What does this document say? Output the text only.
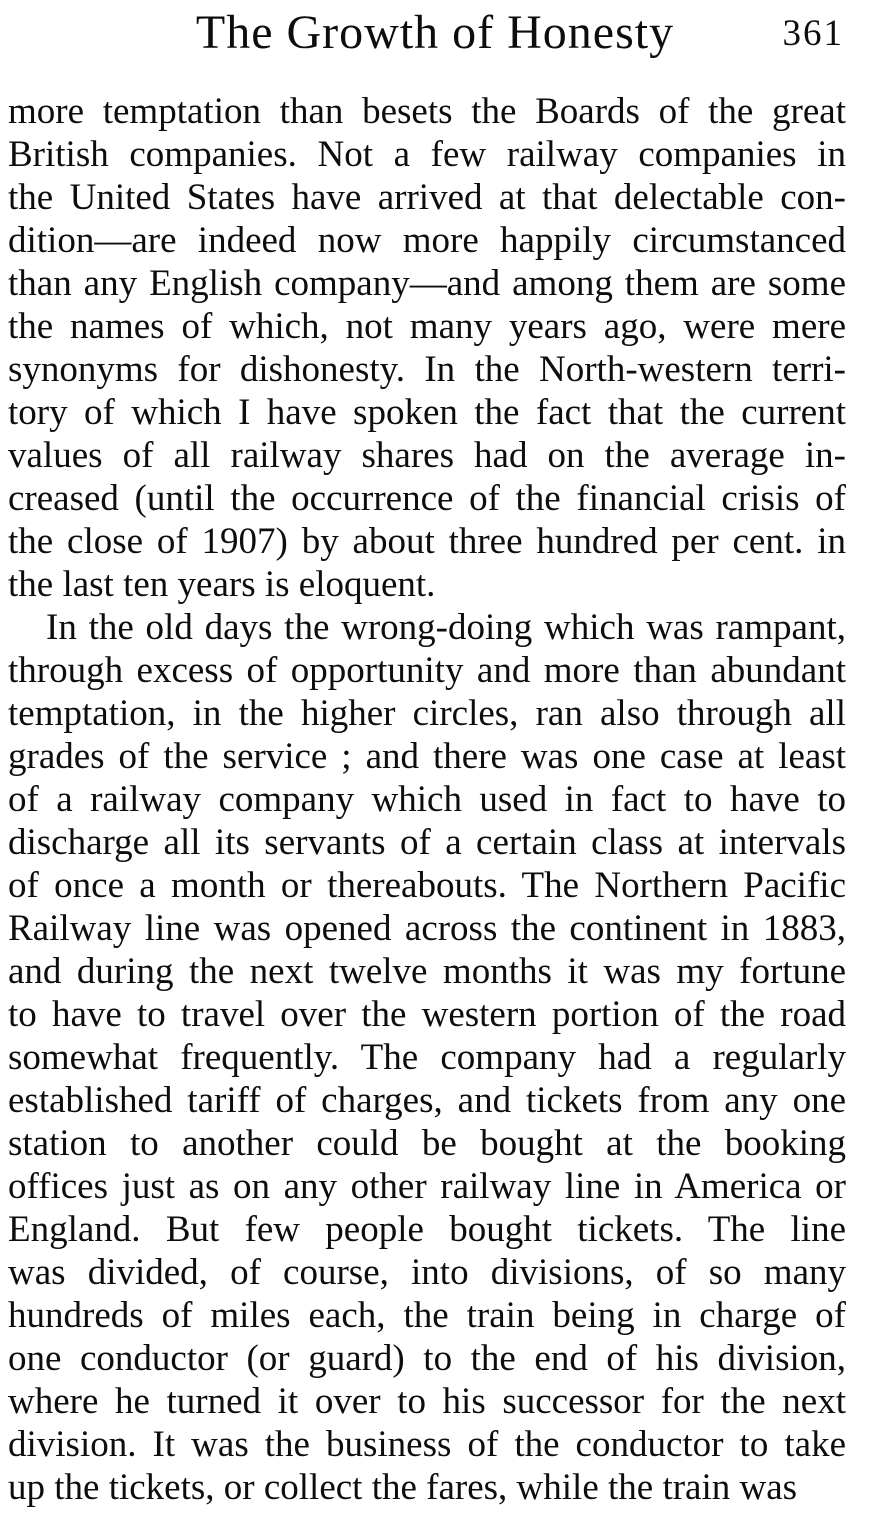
The Growth of Honesty	361
more temptation than besets the Boards of the great
British companies. Not a few railway companies in
the United States have arrived at that delectable con-
dition—are indeed now more happily circumstanced
than any English company—and among them are some
the names of which, not many years ago, were mere
synonyms for dishonesty. In the North-western terri-
tory of which I have spoken the fact that the current
values of all railway shares had on the average in-
creased (until the occurrence of the financial crisis of
the close of 1907) by about three hundred per cent. in
the last ten years is eloquent.
In the old days the wrong-doing which was rampant,
through excess of opportunity and more than abundant
temptation, in the higher circles, ran also through all
grades of the service ; and there was one case at least
of a railway company which used in fact to have to
discharge all its servants of a certain class at intervals
of once a month or thereabouts. The Northern Pacific
Railway line was opened across the continent in 1883,
and during the next twelve months it was my fortune
to have to travel over the western portion of the road
somewhat frequently. The company had a regularly
established tariff of charges, and tickets from any one
station to another could be bought at the booking
offices just as on any other railway line in America or
England. But few people bought tickets. The line
was divided, of course, into divisions, of so many
hundreds of miles each, the train being in charge of
one conductor (or guard) to the end of his division,
where he turned it over to his successor for the next
division. It was the business of the conductor to take
up the tickets, or collect the fares, while the train was
